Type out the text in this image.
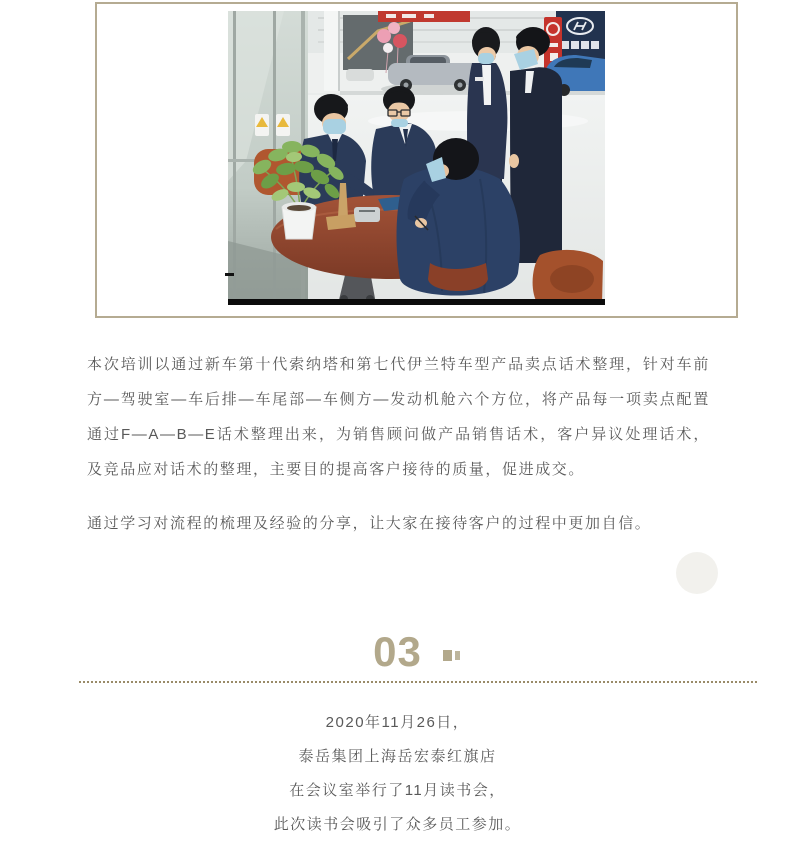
本次培训以通过新车第十代索纳塔和第七代伊兰特车型产品卖点话术整理，针对车前方—驾驶室—车后排—车尾部—车侧方—发动机舱六个方位，将产品每一项卖点配置通过F—A—B—E话术整理出来，为销售顾问做产品销售话术，客户异议处理话术，及竞品应对话术的整理，主要目的提高客户接待的质量，促进成交。

通过学习对流程的梳理及经验的分享，让大家在接待客户的过程中更加自信。

03
2020年11月26日，
泰岳集团上海岳宏泰红旗店
在会议室举行了11月读书会，
此次读书会吸引了众多员工参加。
